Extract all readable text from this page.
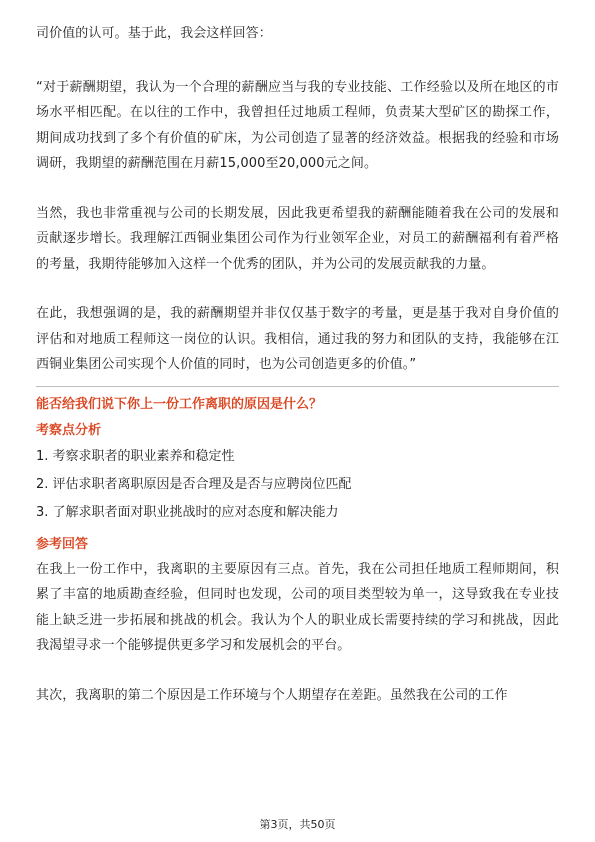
司价值的认可。基于此，我会这样回答：

“对于薪酬期望，我认为一个合理的薪酬应当与我的专业技能、工作经验以及所在地区的市场水平相匹配。在以往的工作中，我曾担任过地质工程师，负责某大型矿区的勘探工作，期间成功找到了多个有价值的矿床，为公司创造了显著的经济效益。根据我的经验和市场调研，我期望的薪酬范围在月薪15,000至20,000元之间。

当然，我也非常重视与公司的长期发展，因此我更希望我的薪酬能随着我在公司的发展和贡献逐步增长。我理解江西铜业集团公司作为行业领军企业，对员工的薪酬福利有着严格的考量，我期待能够加入这样一个优秀的团队，并为公司的发展贡献我的力量。

在此，我想强调的是，我的薪酬期望并非仅仅基于数字的考量，更是基于我对自身价值的评估和对地质工程师这一岗位的认识。我相信，通过我的努力和团队的支持，我能够在江西铜业集团公司实现个人价值的同时，也为公司创造更多的价值。”

能否给我们说下你上一份工作离职的原因是什么？

考察点分析

1. 考察求职者的职业素养和稳定性
2. 评估求职者离职原因是否合理及是否与应聘岗位匹配
3. 了解求职者面对职业挑战时的应对态度和解决能力

参考回答

在我上一份工作中，我离职的主要原因有三点。首先，我在公司担任地质工程师期间，积累了丰富的地质勘查经验，但同时也发现，公司的项目类型较为单一，这导致我在专业技能上缺乏进一步拓展和挑战的机会。我认为个人的职业成长需要持续的学习和挑战，因此我渴望寻求一个能够提供更多学习和发展机会的平台。

其次，我离职的第二个原因是工作环境与个人期望存在差距。虽然我在公司的工作

第3页，共50页
